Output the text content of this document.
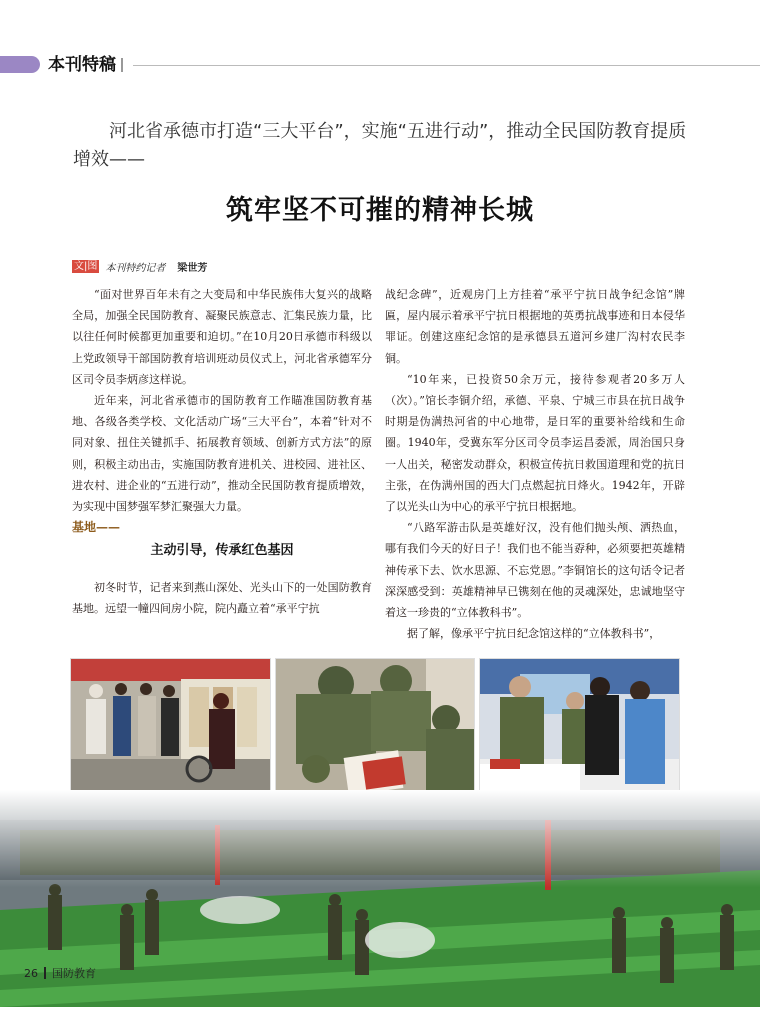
本刊特稿
河北省承德市打造“三大平台”，实施“五进行动”，推动全民国防教育提质增效——
筑牢坚不可摧的精神长城
文|图 本刊特约记者 梁世芳

“面对世界百年未有之大变局和中华民族伟大复兴的战略全局，加强全民国防教育、凝聚民族意志、汇集民族力量，比以往任何时候都更加重要和迫切。”在10月20日承德市科级以上党政领导干部国防教育培训班动员仪式上，河北省承德军分区司令员李炳彦这样说。

近年来，河北省承德市的国防教育工作瞄准国防教育基地、各级各类学校、文化活动广场“三大平台”，本着“针对不同对象、扭住关键抓手、拓展教育领域、创新方式方法”的原则，积极主动出击，实施国防教育进机关、进校园、进社区、进农村、进企业的“五进行动”，推动全民国防教育提质增效，为实现中国梦强军梦汇聚强大力量。

基地——
主动引导，传承红色基因

初冬时节，记者来到燕山深处、光头山下的一处国防教育基地。远望一幢四间房小院，院内矗立着“承平宁抗

战纪念碑”，近观房门上方挂着“承平宁抗日战争纪念馆”牌匾，屋内展示着承平宁抗日根据地的英勇抗战事迹和日本侵华罪证。创建这座纪念馆的是承德县五道河乡建厂沟村农民李铜。

“10年来，已投资50余万元，接待参观者20多万人（次）。”馆长李铜介绍，承德、平泉、宁城三市县在抗日战争时期是伪满热河省的中心地带，是日军的重要补给线和生命圈。1940年，受冀东军分区司令员李运昌委派，周治国只身一人出关，秘密发动群众，积极宣传抗日救国道理和党的抗日主张，在伪满州国的西大门点燃起抗日烽火。1942年，开辟了以光头山为中心的承平宁抗日根据地。

“八路军游击队是英雄好汉，没有他们抛头颅、洒热血，哪有我们今天的好日子！我们也不能当孬种，必须要把英雄精神传承下去、饮水思源、不忘党恩。”李铜馆长的这句话令记者深深感受到：英雄精神早已镌刻在他的灵魂深处，忠诚地坚守着这一珍贵的“立体教科书”。

据了解，像承平宁抗日纪念馆这样的“立体教科书”，

26 国防教育
